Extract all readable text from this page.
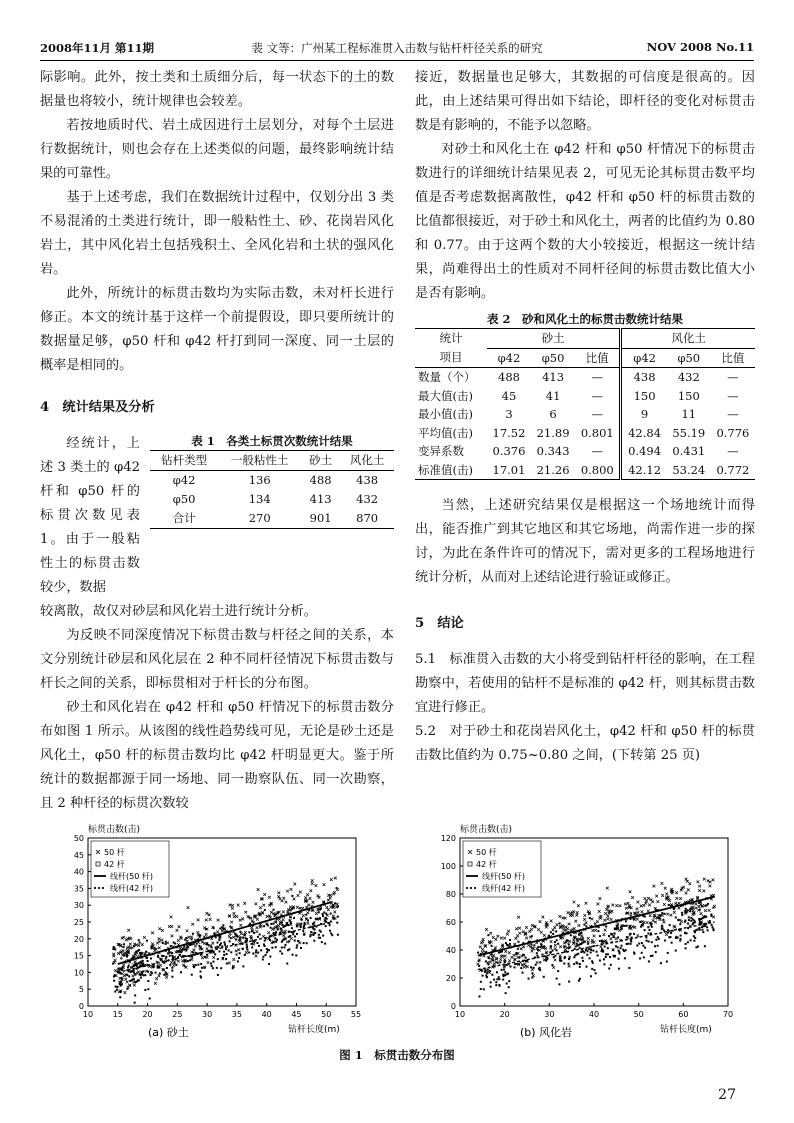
2008年11月 第11期	裴 文等：广州某工程标准贯入击数与钻杆杆径关系的研究	NOV 2008 No.11

际影响。此外，按土类和土质细分后，每一状态下的土的数据量也将较小，统计规律也会较差。

若按地质时代、岩土成因进行土层划分，对每个土层进行数据统计，则也会存在上述类似的问题，最终影响统计结果的可靠性。

基于上述考虑，我们在数据统计过程中，仅划分出 3 类不易混淆的土类进行统计，即一般粘性土、砂、花岗岩风化岩土，其中风化岩土包括残积土、全风化岩和土状的强风化岩。

此外，所统计的标贯击数均为实际击数，未对杆长进行修正。本文的统计基于这样一个前提假设，即只要所统计的数据量足够，φ50 杆和 φ42 杆打到同一深度、同一土层的概率是相同的。

4　统计结果及分析

经统计，上述 3 类土的 φ42 杆和 φ50 杆的标贯次数见表 1。由于一般粘性土的标贯击数较少，数据
表 1　各类土标贯次数统计结果
钻杆类型	一般粘性土	砂土	风化土
φ42	136	488	438
φ50	134	413	432
合计	270	901	870

较离散，故仅对砂层和风化岩土进行统计分析。

为反映不同深度情况下标贯击数与杆径之间的关系，本文分别统计砂层和风化层在 2 种不同杆径情况下标贯击数与杆长之间的关系，即标贯相对于杆长的分布图。

砂土和风化岩在 φ42 杆和 φ50 杆情况下的标贯击数分布如图 1 所示。从该图的线性趋势线可见，无论是砂土还是风化土，φ50 杆的标贯击数均比 φ42 杆明显更大。鉴于所统计的数据都源于同一场地、同一勘察队伍、同一次勘察，且 2 种杆径的标贯次数较

接近，数据量也足够大，其数据的可信度是很高的。因此，由上述结果可得出如下结论，即杆径的变化对标贯击数是有影响的，不能予以忽略。

对砂土和风化土在 φ42 杆和 φ50 杆情况下的标贯击数进行的详细统计结果见表 2，可见无论其标贯击数平均值是否考虑数据离散性，φ42 杆和 φ50 杆的标贯击数的比值都很接近，对于砂土和风化土，两者的比值约为 0.80 和 0.77。由于这两个数的大小较接近，根据这一统计结果，尚难得出土的性质对不同杆径间的标贯击数比值大小是否有影响。

表 2　砂和风化土的标贯击数统计结果
统计	砂土			风化土		
项目	φ42	φ50	比值	φ42	φ50	比值
数量（个）	488	413	—	438	432	—
最大值(击)	45	41	—	150	150	—
最小值(击)	3	6	—	9	11	—
平均值(击)	17.52	21.89	0.801	42.84	55.19	0.776
变异系数	0.376	0.343	—	0.494	0.431	—
标准值(击)	17.01	21.26	0.800	42.12	53.24	0.772

当然，上述研究结果仅是根据这一个场地统计而得出，能否推广到其它地区和其它场地，尚需作进一步的探讨，为此在条件许可的情况下，需对更多的工程场地进行统计分析，从而对上述结论进行验证或修正。

5　结论

5.1　标准贯入击数的大小将受到钻杆杆径的影响，在工程勘察中，若使用的钻杆不是标准的 φ42 杆，则其标贯击数宜进行修正。

5.2　对于砂土和花岗岩风化土，φ42 杆和 φ50 杆的标贯击数比值约为 0.75~0.80 之间，(下转第 25 页)

10 15 20 25 30 35 40 45 50 55
0
5
10
15
20
25
30
35
40
45
50
标贯击数(击)
钻杆长度(m)
(a) 砂土
50 杆
42 杆
线杆(50 杆)
线杆(42 杆)
10	20	30	40	50	60	70
0
20
40
60
80
100
120
标贯击数(击)
钻杆长度(m)
(b) 风化岩
50 杆
42 杆
线杆(50 杆)
线杆(42 杆)
图 1　标贯击数分布图
27
